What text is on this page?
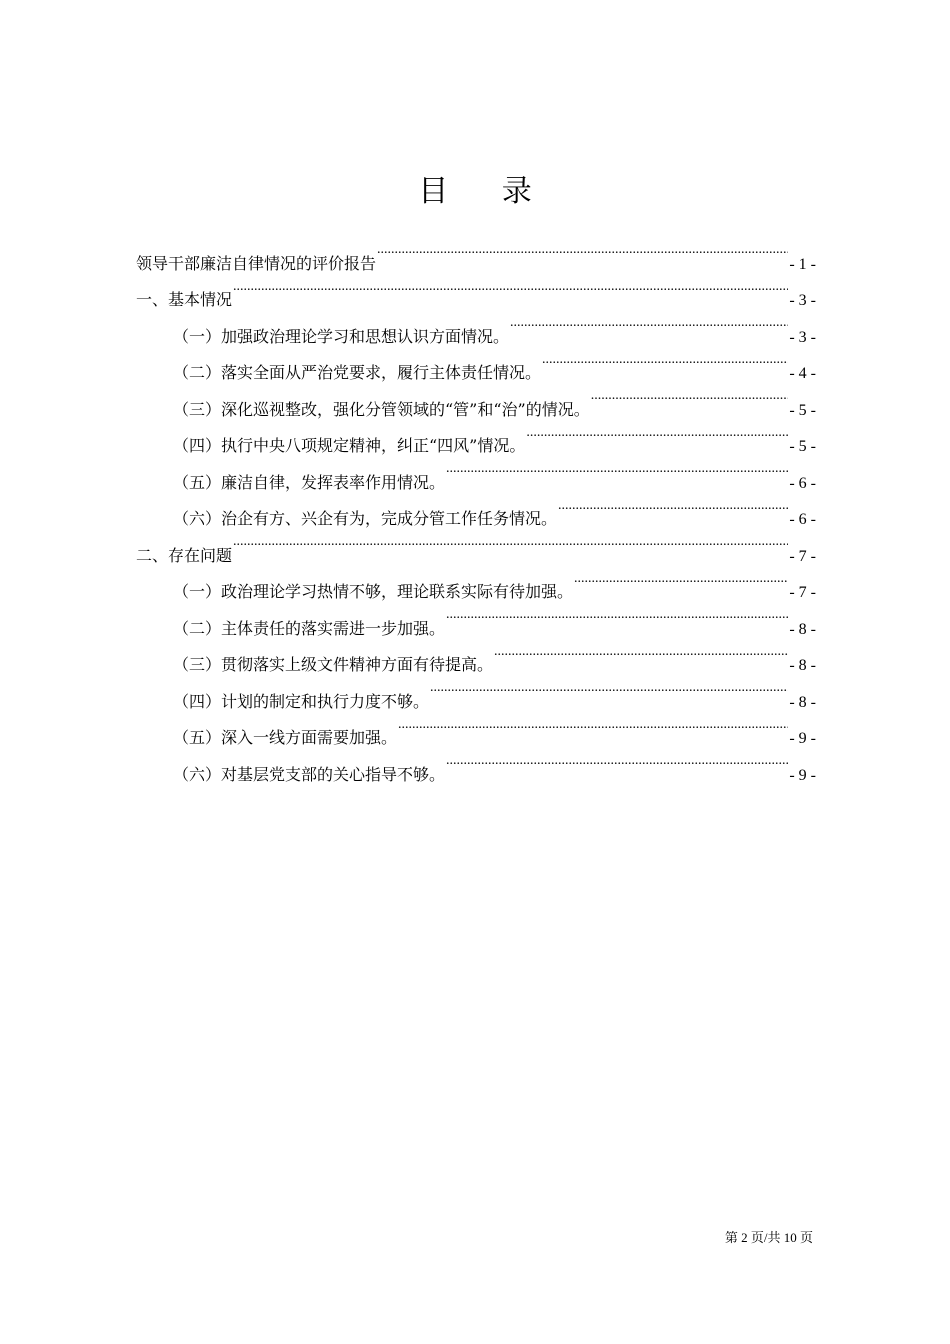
目 录
领导干部廉洁自律情况的评价报告 .....	- 1 -
一、基本情况 .....	- 3 -
（一）加强政治理论学习和思想认识方面情况。 .....	- 3 -
（二）落实全面从严治党要求，履行主体责任情况。 .....	- 4 -
（三）深化巡视整改，强化分管领域的“管”和“治”的情况。 .....	- 5 -
（四）执行中央八项规定精神，纠正“四风”情况。 .....	- 5 -
（五）廉洁自律，发挥表率作用情况。 .....	- 6 -
（六）治企有方、兴企有为，完成分管工作任务情况。 .....	- 6 -
二、存在问题 .....	- 7 -
（一）政治理论学习热情不够，理论联系实际有待加强。 .....	- 7 -
（二）主体责任的落实需进一步加强。 .....	- 8 -
（三）贯彻落实上级文件精神方面有待提高。 .....	- 8 -
（四）计划的制定和执行力度不够。 .....	- 8 -
（五）深入一线方面需要加强。 .....	- 9 -
（六）对基层党支部的关心指导不够。 .....	- 9 -
第 2 页/共 10 页
